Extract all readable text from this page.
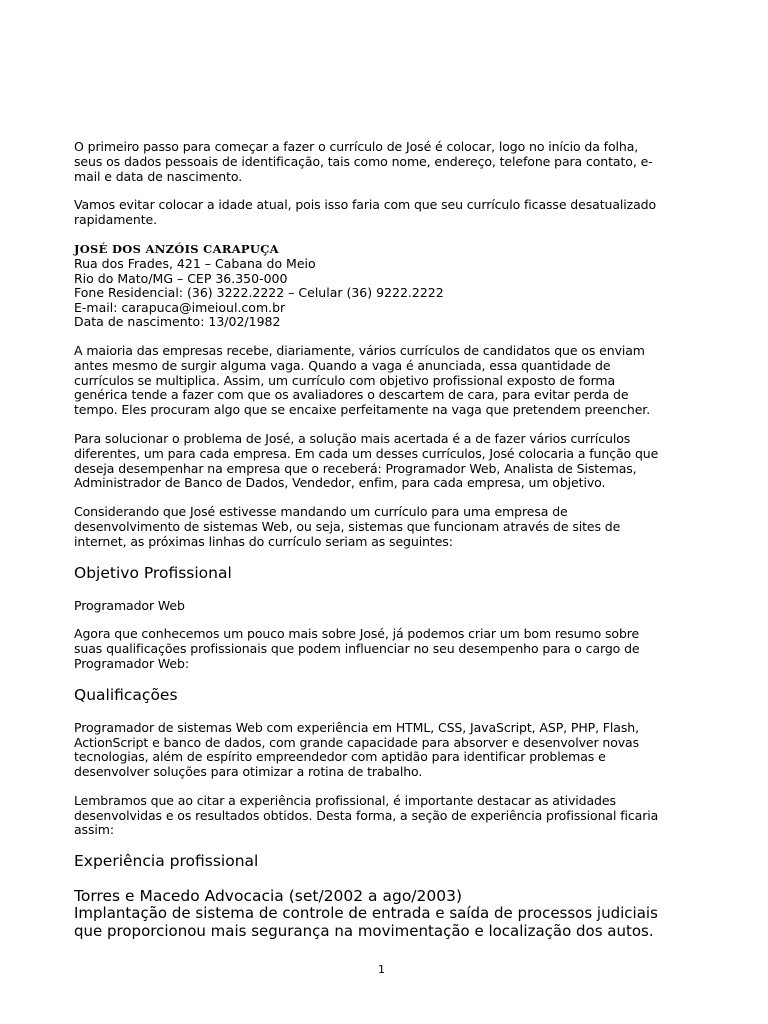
O primeiro passo para começar a fazer o currículo de José é colocar, logo no início da folha,
seus os dados pessoais de identificação, tais como nome, endereço, telefone para contato, e-
mail e data de nascimento.
Vamos evitar colocar a idade atual, pois isso faria com que seu currículo ficasse desatualizado
rapidamente.
JOSÉ DOS ANZÓIS CARAPUÇA
Rua dos Frades, 421 – Cabana do Meio
Rio do Mato/MG – CEP 36.350-000
Fone Residencial: (36) 3222.2222 – Celular (36) 9222.2222
E-mail: carapuca@imeioul.com.br
Data de nascimento: 13/02/1982
A maioria das empresas recebe, diariamente, vários currículos de candidatos que os enviam
antes mesmo de surgir alguma vaga. Quando a vaga é anunciada, essa quantidade de
currículos se multiplica. Assim, um currículo com objetivo profissional exposto de forma
genérica tende a fazer com que os avaliadores o descartem de cara, para evitar perda de
tempo. Eles procuram algo que se encaixe perfeitamente na vaga que pretendem preencher.
Para solucionar o problema de José, a solução mais acertada é a de fazer vários currículos
diferentes, um para cada empresa. Em cada um desses currículos, José colocaria a função que
deseja desempenhar na empresa que o receberá: Programador Web, Analista de Sistemas,
Administrador de Banco de Dados, Vendedor, enfim, para cada empresa, um objetivo.
Considerando que José estivesse mandando um currículo para uma empresa de
desenvolvimento de sistemas Web, ou seja, sistemas que funcionam através de sites de
internet, as próximas linhas do currículo seriam as seguintes:
Objetivo Profissional
Programador Web
Agora que conhecemos um pouco mais sobre José, já podemos criar um bom resumo sobre
suas qualificações profissionais que podem influenciar no seu desempenho para o cargo de
Programador Web:
Qualificações
Programador de sistemas Web com experiência em HTML, CSS, JavaScript, ASP, PHP, Flash,
ActionScript e banco de dados, com grande capacidade para absorver e desenvolver novas
tecnologias, além de espírito empreendedor com aptidão para identificar problemas e
desenvolver soluções para otimizar a rotina de trabalho.
Lembramos que ao citar a experiência profissional, é importante destacar as atividades
desenvolvidas e os resultados obtidos. Desta forma, a seção de experiência profissional ficaria
assim:
Experiência profissional
Torres e Macedo Advocacia (set/2002 a ago/2003)
Implantação de sistema de controle de entrada e saída de processos judiciais
que proporcionou mais segurança na movimentação e localização dos autos.
1
